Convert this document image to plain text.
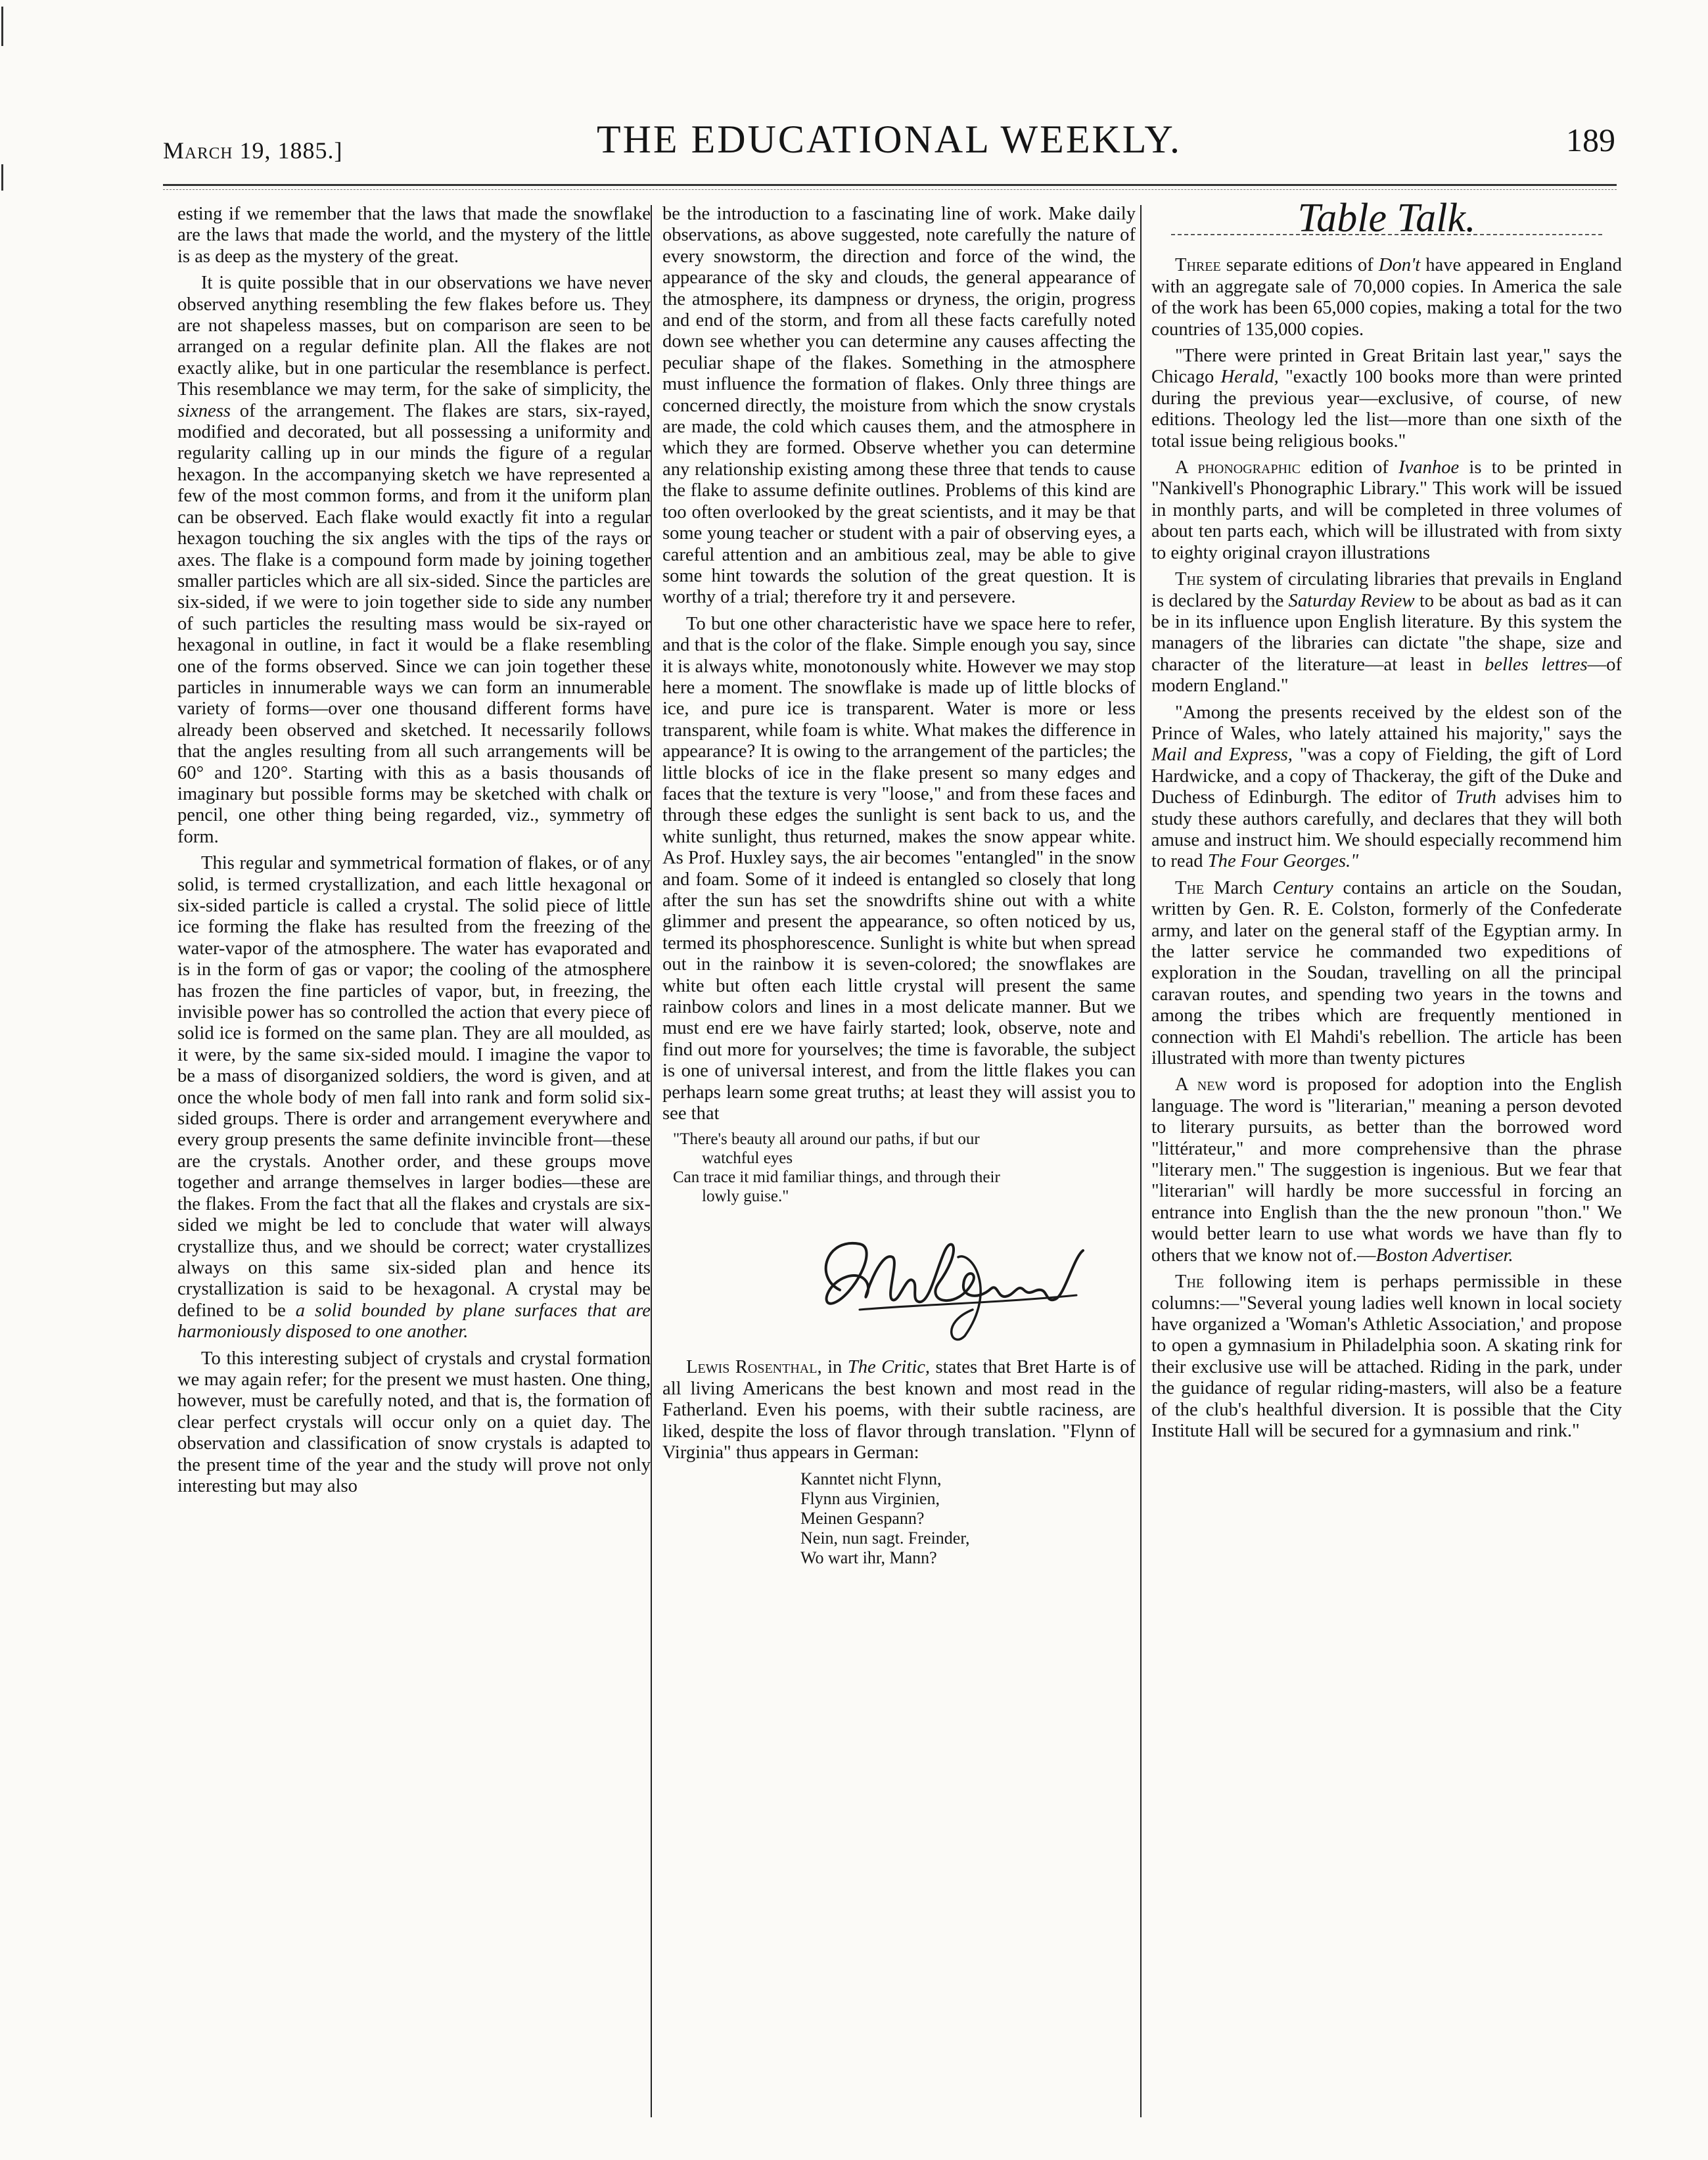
March 19, 1885.]	THE EDUCATIONAL WEEKLY.	189

esting if we remember that the laws that made the snowflake are the laws that made the world, and the mystery of the little is as deep as the mystery of the great.

It is quite possible that in our observations we have never observed anything resembling the few flakes before us. They are not shapeless masses, but on comparison are seen to be arranged on a regular definite plan. All the flakes are not exactly alike, but in one particular the resemblance is perfect. This resemblance we may term, for the sake of simplicity, the sixness of the arrangement. The flakes are stars, six-rayed, modified and decorated, but all possessing a uniformity and regularity calling up in our minds the figure of a regular hexagon. In the accompanying sketch we have represented a few of the most common forms, and from it the uniform plan can be observed. Each flake would exactly fit into a regular hexagon touching the six angles with the tips of the rays or axes. The flake is a compound form made by joining together smaller particles which are all six-sided. Since the particles are six-sided, if we were to join together side to side any number of such particles the resulting mass would be six-rayed or hexagonal in outline, in fact it would be a flake resembling one of the forms observed. Since we can join together these particles in innumerable ways we can form an innumerable variety of forms—over one thousand different forms have already been observed and sketched. It necessarily follows that the angles resulting from all such arrangements will be 60° and 120°. Starting with this as a basis thousands of imaginary but possible forms may be sketched with chalk or pencil, one other thing being regarded, viz., symmetry of form.

This regular and symmetrical formation of flakes, or of any solid, is termed crystallization, and each little hexagonal or six-sided particle is called a crystal. The solid piece of little ice forming the flake has resulted from the freezing of the water-vapor of the atmosphere. The water has evaporated and is in the form of gas or vapor; the cooling of the atmosphere has frozen the fine particles of vapor, but, in freezing, the invisible power has so controlled the action that every piece of solid ice is formed on the same plan. They are all moulded, as it were, by the same six-sided mould. I imagine the vapor to be a mass of disorganized soldiers, the word is given, and at once the whole body of men fall into rank and form solid six-sided groups. There is order and arrangement everywhere and every group presents the same definite invincible front—these are the crystals. Another order, and these groups move together and arrange themselves in larger bodies—these are the flakes. From the fact that all the flakes and crystals are six-sided we might be led to conclude that water will always crystallize thus, and we should be correct; water crystallizes always on this same six-sided plan and hence its crystallization is said to be hexagonal. A crystal may be defined to be a solid bounded by plane surfaces that are harmoniously disposed to one another.

To this interesting subject of crystals and crystal formation we may again refer; for the present we must hasten. One thing, however, must be carefully noted, and that is, the formation of clear perfect crystals will occur only on a quiet day. The observation and classification of snow crystals is adapted to the present time of the year and the study will prove not only interesting but may also

be the introduction to a fascinating line of work. Make daily observations, as above suggested, note carefully the nature of every snowstorm, the direction and force of the wind, the appearance of the sky and clouds, the general appearance of the atmosphere, its dampness or dryness, the origin, progress and end of the storm, and from all these facts carefully noted down see whether you can determine any causes affecting the peculiar shape of the flakes. Something in the atmosphere must influence the formation of flakes. Only three things are concerned directly, the moisture from which the snow crystals are made, the cold which causes them, and the atmosphere in which they are formed. Observe whether you can determine any relationship existing among these three that tends to cause the flake to assume definite outlines. Problems of this kind are too often overlooked by the great scientists, and it may be that some young teacher or student with a pair of observing eyes, a careful attention and an ambitious zeal, may be able to give some hint towards the solution of the great question. It is worthy of a trial; therefore try it and persevere.

To but one other characteristic have we space here to refer, and that is the color of the flake. Simple enough you say, since it is always white, monotonously white. However we may stop here a moment. The snowflake is made up of little blocks of ice, and pure ice is transparent. Water is more or less transparent, while foam is white. What makes the difference in appearance? It is owing to the arrangement of the particles; the little blocks of ice in the flake present so many edges and faces that the texture is very "loose," and from these faces and through these edges the sunlight is sent back to us, and the white sunlight, thus returned, makes the snow appear white. As Prof. Huxley says, the air becomes "entangled" in the snow and foam. Some of it indeed is entangled so closely that long after the sun has set the snowdrifts shine out with a white glimmer and present the appearance, so often noticed by us, termed its phosphorescence. Sunlight is white but when spread out in the rainbow it is seven-colored; the snowflakes are white but often each little crystal will present the same rainbow colors and lines in a most delicate manner. But we must end ere we have fairly started; look, observe, note and find out more for yourselves; the time is favorable, the subject is one of universal interest, and from the little flakes you can perhaps learn some great truths; at least they will assist you to see that

"There's beauty all around our paths, if but our
watchful eyes
Can trace it mid familiar things, and through their
lowly guise."

Lewis Rosenthal, in The Critic, states that Bret Harte is of all living Americans the best known and most read in the Fatherland. Even his poems, with their subtle raciness, are liked, despite the loss of flavor through translation. "Flynn of Virginia" thus appears in German:

Kanntet nicht Flynn,
Flynn aus Virginien,
Meinen Gespann?
Nein, nun sagt. Freinder,
Wo wart ihr, Mann?
Table Talk.

Three separate editions of Don't have appeared in England with an aggregate sale of 70,000 copies. In America the sale of the work has been 65,000 copies, making a total for the two countries of 135,000 copies.

"There were printed in Great Britain last year," says the Chicago Herald, "exactly 100 books more than were printed during the previous year—exclusive, of course, of new editions. Theology led the list—more than one sixth of the total issue being religious books."

A phonographic edition of Ivanhoe is to be printed in "Nankivell's Phonographic Library." This work will be issued in monthly parts, and will be completed in three volumes of about ten parts each, which will be illustrated with from sixty to eighty original crayon illustrations

The system of circulating libraries that prevails in England is declared by the Saturday Review to be about as bad as it can be in its influence upon English literature. By this system the managers of the libraries can dictate "the shape, size and character of the literature—at least in belles lettres—of modern England."

"Among the presents received by the eldest son of the Prince of Wales, who lately attained his majority," says the Mail and Express, "was a copy of Fielding, the gift of Lord Hardwicke, and a copy of Thackeray, the gift of the Duke and Duchess of Edinburgh. The editor of Truth advises him to study these authors carefully, and declares that they will both amuse and instruct him. We should especially recommend him to read The Four Georges."

The March Century contains an article on the Soudan, written by Gen. R. E. Colston, formerly of the Confederate army, and later on the general staff of the Egyptian army. In the latter service he commanded two expeditions of exploration in the Soudan, travelling on all the principal caravan routes, and spending two years in the towns and among the tribes which are frequently mentioned in connection with El Mahdi's rebellion. The article has been illustrated with more than twenty pictures

A new word is proposed for adoption into the English language. The word is "literarian," meaning a person devoted to literary pursuits, as better than the borrowed word "littérateur," and more comprehensive than the phrase "literary men." The suggestion is ingenious. But we fear that "literarian" will hardly be more successful in forcing an entrance into English than the the new pronoun "thon." We would better learn to use what words we have than fly to others that we know not of.—Boston Advertiser.

The following item is perhaps permissible in these columns:—"Several young ladies well known in local society have organized a 'Woman's Athletic Association,' and propose to open a gymnasium in Philadelphia soon. A skating rink for their exclusive use will be attached. Riding in the park, under the guidance of regular riding-masters, will also be a feature of the club's healthful diversion. It is possible that the City Institute Hall will be secured for a gymnasium and rink."
